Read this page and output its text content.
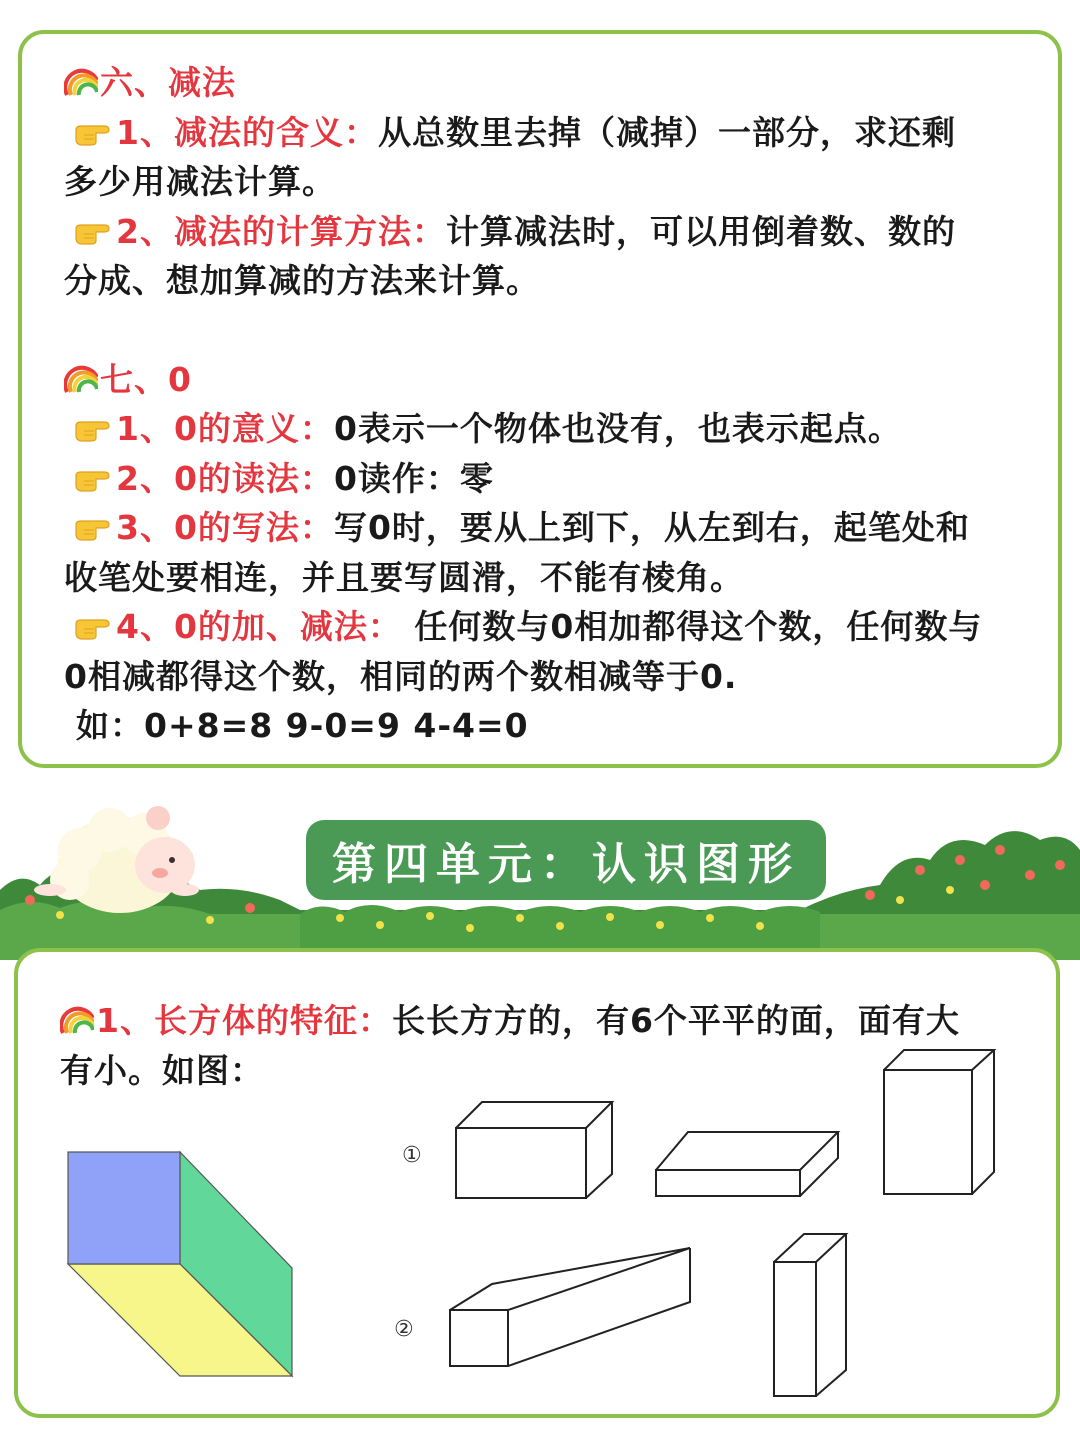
六、减法

1、减法的含义：从总数里去掉（减掉）一部分，求还剩

多少用减法计算。

2、减法的计算方法：计算减法时，可以用倒着数、数的

分成、想加算减的方法来计算。

七、0

1、0的意义：0表示一个物体也没有，也表示起点。

2、0的读法：0读作：零

3、0的写法：写0时，要从上到下，从左到右，起笔处和

收笔处要相连，并且要写圆滑，不能有棱角。

4、0的加、减法： 任何数与0相加都得这个数，任何数与

0相减都得这个数，相同的两个数相减等于0.

如：0+8=8 9-0=9 4-4=0

第四单元：认识图形

1、长方体的特征：长长方方的，有6个平平的面，面有大

有小。如图：

①
②
